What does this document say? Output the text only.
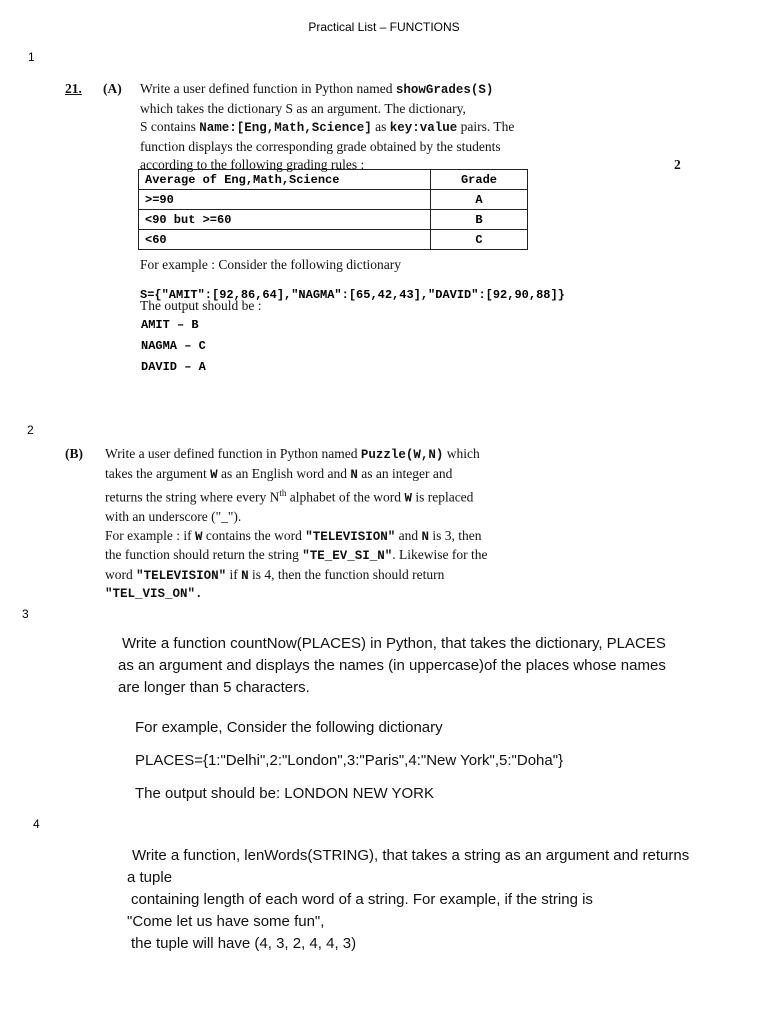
Practical List – FUNCTIONS
1
2
3
4
21. (A) Write a user defined function in Python named showGrades(S)
which takes the dictionary S as an argument. The dictionary,
S contains Name:[Eng,Math,Science] as key:value pairs. The
function displays the corresponding grade obtained by the students
according to the following grading rules :	2
Average of Eng,Math,Science	Grade
>=90	A
<90 but >=60	B
<60	C
For example : Consider the following dictionary
S={"AMIT":[92,86,64],"NAGMA":[65,42,43],"DAVID":[92,90,88]}
The output should be :
AMIT – B
NAGMA – C
DAVID – A
(B) Write a user defined function in Python named Puzzle(W,N) which
takes the argument W as an English word and N as an integer and
returns the string where every $N^{th}$ alphabet of the word W is replaced
with an underscore ("_").
For example : if W contains the word "TELEVISION" and N is 3, then
the function should return the string "TE_EV_SI_N". Likewise for the
word "TELEVISION" if N is 4, then the function should return
"TEL_VIS_ON".

Write a function countNow(PLACES) in Python, that takes the dictionary, PLACES

as an argument and displays the names (in uppercase)of the places whose names

are longer than 5 characters.

For example, Consider the following dictionary
PLACES={1:"Delhi",2:"London",3:"Paris",4:"New York",5:"Doha"}
The output should be: LONDON NEW YORK

Write a function, lenWords(STRING), that takes a string as an argument and returns

a tuple

containing length of each word of a string. For example, if the string is

"Come let us have some fun",

the tuple will have (4, 3, 2, 4, 4, 3)
